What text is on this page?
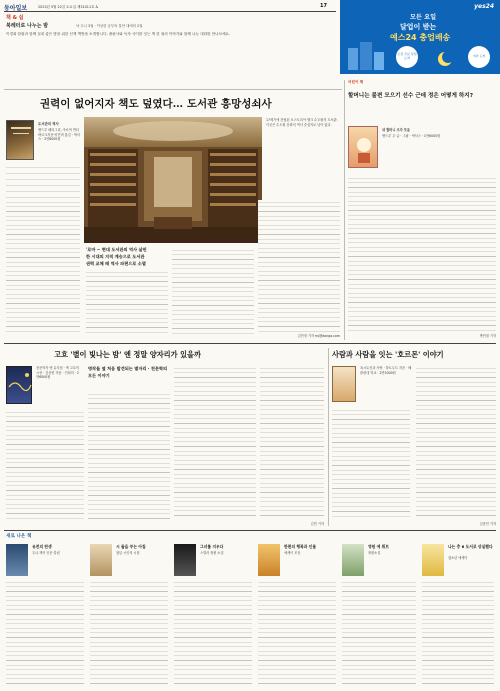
동아일보	2023년 5월 22일 토요일 제31011호 &	17
책 & 쉼
북레터로 나누는 밤	낙 우니 3권 · 이상한 공부의 불안 대에의 2권
이경희 칼럼과 함께 실내 좋은 밤을 위한 산책 책방을 소개합니다. 출판사와 독자 사이를 잇는 책 한 권의 이야기와 함께 나눈 대화를 만나보세요.
yes24
모든 요일
달업이 받는
예스24 충업배송
오전 주문 당일 도착	저녁 도착
권력이 없어지자 책도 덮였다… 도서관 흥망성쇠사
도서관의 역사
앤드루 페티그리, 아르야 반더 바르크지음·양진비 옮김 · 넥서스 · 2만8000원
17세기에 건립된 오스트리아 멜크 수도원의 도서관. 이곳은 수도원 문화의 역사 중심지로 남아 있다.
'로마 ~ 현대 도서관의 역사 살핀
한 시대의 지적 계승으로 도서관
권력 교체 때 역사 파편으로 소멸
김민정 기자 mj@donga.com
어린이 책
할머니는 불편 모으기 선수 근데 정은 어떻게 하지?
내 할머니 조각 모음
앤드루 우 글 · 그림 · 넥서스 · 1만6000원
박민철 기자
고흐 '별이 빛나는 밤' 엔 정말 양자리가 있을까	사람과 사람을 잇는 '호르몬' 이야기
천문학자 앤 뮤지엄 · 잭 고흐의 시선 · 김상헌 지음 · 인타미 · 2만6000원
명작들 옆 처음 발견되는 별자리 · 천문학의 모든 이야기
김민 기자
옥시토신과 사랑 · 하트무트 지음 · 베를린대 학교 · 2만3000원
김종민 기자
새로 나온 책
유전의 탄생
우나 책의 인문 칼럼
시 돌을 부는 아침
청년 시인의 시집
그녀를 지우다
스릴러 장편 소설
한편의 행복과 인물
에세이 모음
영원 에 뤼트
장편소설
나는 충 6 도서로 상실했다
청소년 에세이
